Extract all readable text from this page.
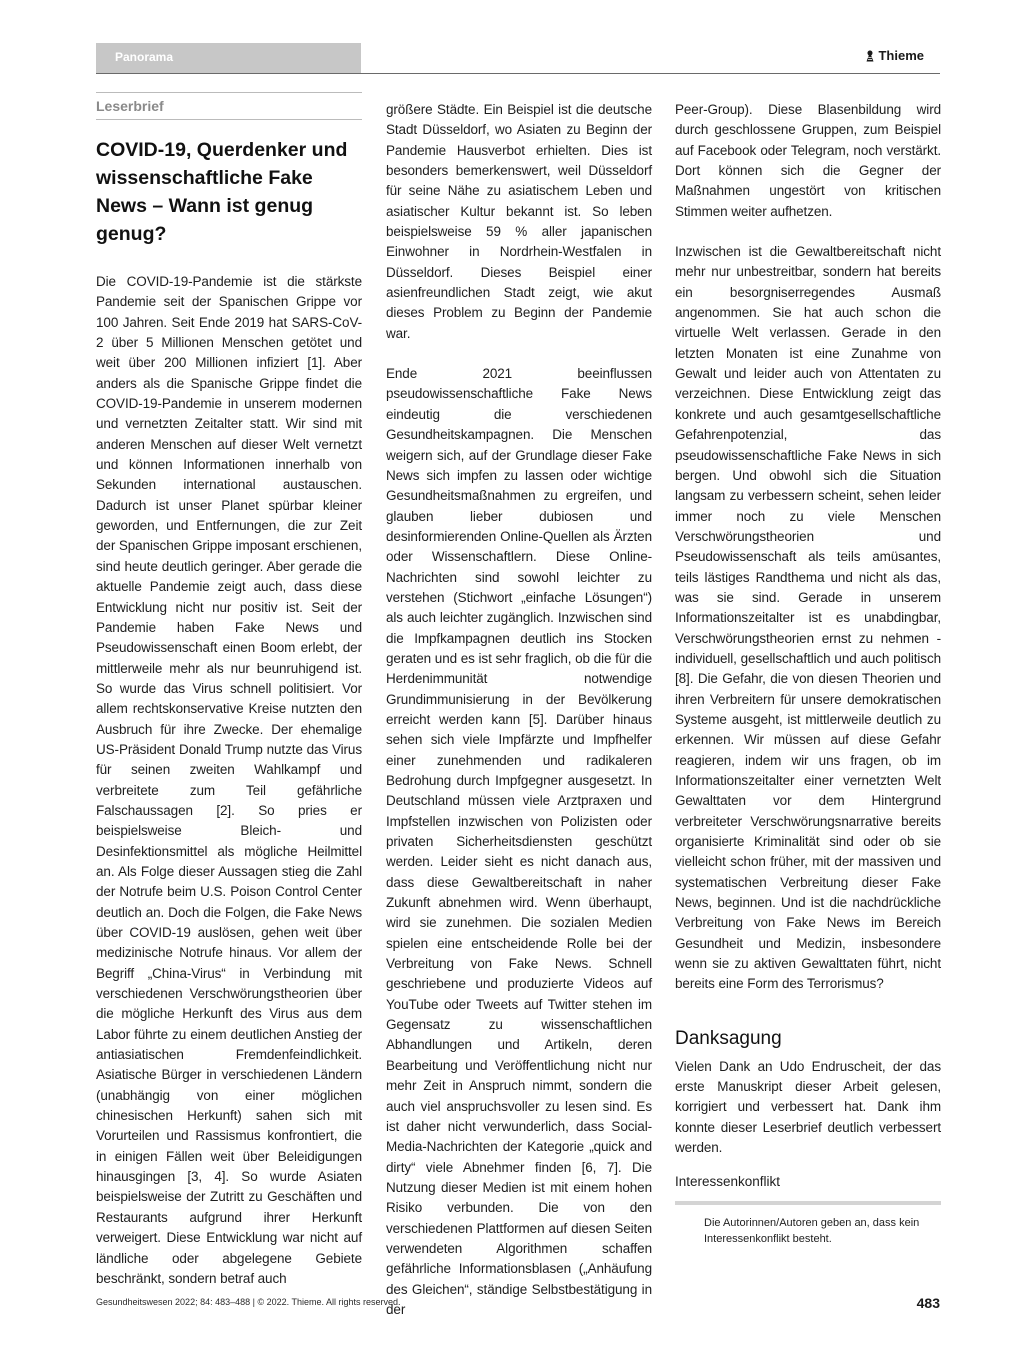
Panorama	Thieme
Leserbrief
COVID-19, Querdenker und wissenschaftliche Fake News – Wann ist genug genug?

Die COVID-19-Pandemie ist die stärkste Pandemie seit der Spanischen Grippe vor 100 Jahren. Seit Ende 2019 hat SARS-CoV-2 über 5 Millionen Menschen getötet und weit über 200 Millionen infiziert [1]. Aber anders als die Spanische Grippe findet die COVID-19-Pandemie in unserem modernen und vernetzten Zeitalter statt. Wir sind mit anderen Menschen auf dieser Welt vernetzt und können Informationen innerhalb von Sekunden international austauschen. Dadurch ist unser Planet spürbar kleiner geworden, und Entfernungen, die zur Zeit der Spanischen Grippe imposant erschienen, sind heute deutlich geringer. Aber gerade die aktuelle Pandemie zeigt auch, dass diese Entwicklung nicht nur positiv ist. Seit der Pandemie haben Fake News und Pseudowissenschaft einen Boom erlebt, der mittlerweile mehr als nur beunruhigend ist. So wurde das Virus schnell politisiert. Vor allem rechtskonservative Kreise nutzten den Ausbruch für ihre Zwecke. Der ehemalige US-Präsident Donald Trump nutzte das Virus für seinen zweiten Wahlkampf und verbreitete zum Teil gefährliche Falschaussagen [2]. So pries er beispielsweise Bleich- und Desinfektionsmittel als mögliche Heilmittel an. Als Folge dieser Aussagen stieg die Zahl der Notrufe beim U.S. Poison Control Center deutlich an. Doch die Folgen, die Fake News über COVID-19 auslösen, gehen weit über medizinische Notrufe hinaus. Vor allem der Begriff „China-Virus“ in Verbindung mit verschiedenen Verschwörungstheorien über die mögliche Herkunft des Virus aus dem Labor führte zu einem deutlichen Anstieg der antiasiatischen Fremdenfeindlichkeit. Asiatische Bürger in verschiedenen Ländern (unabhängig von einer möglichen chinesischen Herkunft) sahen sich mit Vorurteilen und Rassismus konfrontiert, die in einigen Fällen weit über Beleidigungen hinausgingen [3, 4]. So wurde Asiaten beispielsweise der Zutritt zu Geschäften und Restaurants aufgrund ihrer Herkunft verweigert. Diese Entwicklung war nicht auf ländliche oder abgelegene Gebiete beschränkt, sondern betraf auch

größere Städte. Ein Beispiel ist die deutsche Stadt Düsseldorf, wo Asiaten zu Beginn der Pandemie Hausverbot erhielten. Dies ist besonders bemerkenswert, weil Düsseldorf für seine Nähe zu asiatischem Leben und asiatischer Kultur bekannt ist. So leben beispielsweise 59 % aller japanischen Einwohner in Nordrhein-Westfalen in Düsseldorf. Dieses Beispiel einer asienfreundlichen Stadt zeigt, wie akut dieses Problem zu Beginn der Pandemie war.

Ende 2021 beeinflussen pseudowissenschaftliche Fake News eindeutig die verschiedenen Gesundheitskampagnen. Die Menschen weigern sich, auf der Grundlage dieser Fake News sich impfen zu lassen oder wichtige Gesundheitsmaßnahmen zu ergreifen, und glauben lieber dubiosen und desinformierenden Online-Quellen als Ärzten oder Wissenschaftlern. Diese Online-Nachrichten sind sowohl leichter zu verstehen (Stichwort „einfache Lösungen“) als auch leichter zugänglich. Inzwischen sind die Impfkampagnen deutlich ins Stocken geraten und es ist sehr fraglich, ob die für die Herdenimmunität notwendige Grundimmunisierung in der Bevölkerung erreicht werden kann [5]. Darüber hinaus sehen sich viele Impfärzte und Impfhelfer einer zunehmenden und radikaleren Bedrohung durch Impfgegner ausgesetzt. In Deutschland müssen viele Arztpraxen und Impfstellen inzwischen von Polizisten oder privaten Sicherheitsdiensten geschützt werden. Leider sieht es nicht danach aus, dass diese Gewaltbereitschaft in naher Zukunft abnehmen wird. Wenn überhaupt, wird sie zunehmen. Die sozialen Medien spielen eine entscheidende Rolle bei der Verbreitung von Fake News. Schnell geschriebene und produzierte Videos auf YouTube oder Tweets auf Twitter stehen im Gegensatz zu wissenschaftlichen Abhandlungen und Artikeln, deren Bearbeitung und Veröffentlichung nicht nur mehr Zeit in Anspruch nimmt, sondern die auch viel anspruchsvoller zu lesen sind. Es ist daher nicht verwunderlich, dass Social-Media-Nachrichten der Kategorie „quick and dirty“ viele Abnehmer finden [6, 7]. Die Nutzung dieser Medien ist mit einem hohen Risiko verbunden. Die von den verschiedenen Plattformen auf diesen Seiten verwendeten Algorithmen schaffen gefährliche Informationsblasen („Anhäufung des Gleichen“, ständige Selbstbestätigung in der

Peer-Group). Diese Blasenbildung wird durch geschlossene Gruppen, zum Beispiel auf Facebook oder Telegram, noch verstärkt. Dort können sich die Gegner der Maßnahmen ungestört von kritischen Stimmen weiter aufhetzen.

Inzwischen ist die Gewaltbereitschaft nicht mehr nur unbestreitbar, sondern hat bereits ein besorgniserregendes Ausmaß angenommen. Sie hat auch schon die virtuelle Welt verlassen. Gerade in den letzten Monaten ist eine Zunahme von Gewalt und leider auch von Attentaten zu verzeichnen. Diese Entwicklung zeigt das konkrete und auch gesamtgesellschaftliche Gefahrenpotenzial, das pseudowissenschaftliche Fake News in sich bergen. Und obwohl sich die Situation langsam zu verbessern scheint, sehen leider immer noch zu viele Menschen Verschwörungstheorien und Pseudowissenschaft als teils amüsantes, teils lästiges Randthema und nicht als das, was sie sind. Gerade in unserem Informationszeitalter ist es unabdingbar, Verschwörungstheorien ernst zu nehmen - individuell, gesellschaftlich und auch politisch [8]. Die Gefahr, die von diesen Theorien und ihren Verbreitern für unsere demokratischen Systeme ausgeht, ist mittlerweile deutlich zu erkennen. Wir müssen auf diese Gefahr reagieren, indem wir uns fragen, ob im Informationszeitalter einer vernetzten Welt Gewalttaten vor dem Hintergrund verbreiteter Verschwörungsnarrative bereits organisierte Kriminalität sind oder ob sie vielleicht schon früher, mit der massiven und systematischen Verbreitung dieser Fake News, beginnen. Und ist die nachdrückliche Verbreitung von Fake News im Bereich Gesundheit und Medizin, insbesondere wenn sie zu aktiven Gewalttaten führt, nicht bereits eine Form des Terrorismus?

Danksagung

Vielen Dank an Udo Endruscheit, der das erste Manuskript dieser Arbeit gelesen, korrigiert und verbessert hat. Dank ihm konnte dieser Leserbrief deutlich verbessert werden.

Interessenkonflikt
Die Autorinnen/Autoren geben an, dass kein Interessenkonflikt besteht.
Gesundheitswesen 2022; 84: 483–488 | © 2022. Thieme. All rights reserved.	483
